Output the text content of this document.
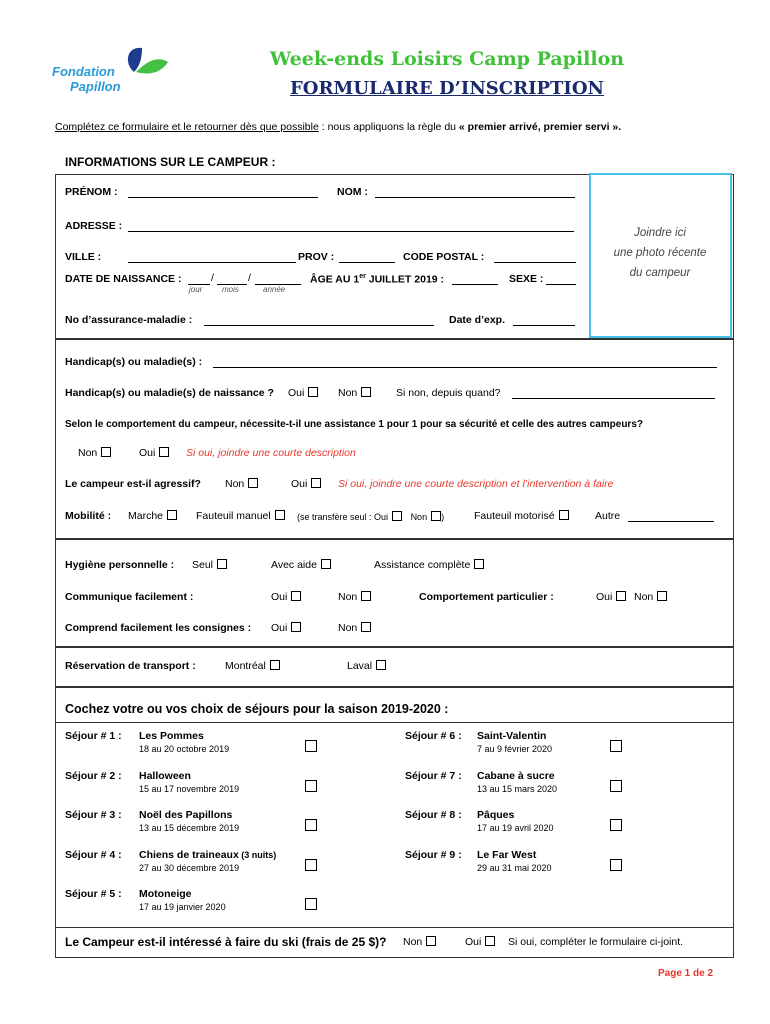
Fondation
Papillon
Week-ends Loisirs Camp Papillon
FORMULAIRE D’INSCRIPTION
Complétez ce formulaire et le retourner dès que possible : nous appliquons la règle du « premier arrivé, premier servi ».
INFORMATIONS SUR LE CAMPEUR :
Joindre ici
une photo récente
du campeur
PRÉNOM :	NOM :
ADRESSE :
VILLE :	PROV :	CODE POSTAL :
DATE DE NAISSANCE :	/	/
jour mois	année
ÂGE AU 1er JUILLET 2019 :	SEXE :
No d’assurance-maladie :	Date d’exp.
Handicap(s) ou maladie(s) :
Handicap(s) ou maladie(s) de naissance ? Oui	Non	Si non, depuis quand?
Selon le comportement du campeur, nécessite-t-il une assistance 1 pour 1 pour sa sécurité et celle des autres campeurs?
Non	Oui	Si oui, joindre une courte description
Le campeur est-il agressif? Non	Oui	Si oui, joindre une courte description et l’intervention à faire
Mobilité : Marche	Fauteuil manuel	(se transfère seul : Oui	Non )	Fauteuil motorisé	Autre
Hygiène personnelle : Seul	Avec aide	Assistance complète
Communique facilement :	Oui	Non	Comportement particulier :	Oui	Non
Comprend facilement les consignes : Oui	Non
Réservation de transport :	Montréal	Laval
Cochez votre ou vos choix de séjours pour la saison 2019-2020 :
Séjour # 1 : Les Pommes
18 au 20 octobre 2019
Séjour # 2 : Halloween
15 au 17 novembre 2019
Séjour # 3 : Noël des Papillons
13 au 15 décembre 2019
Séjour # 4 : Chiens de traineaux (3 nuits)
27 au 30 décembre 2019
Séjour # 5 : Motoneige
17 au 19 janvier 2020
Séjour # 6 : Saint-Valentin
7 au 9 février 2020
Séjour # 7 : Cabane à sucre
13 au 15 mars 2020
Séjour # 8 : Pâques
17 au 19 avril 2020
Séjour # 9 : Le Far West
29 au 31 mai 2020
Le Campeur est-il intéressé à faire du ski (frais de 25 $)? Non	Oui	Si oui, compléter le formulaire ci-joint.
Page 1 de 2
